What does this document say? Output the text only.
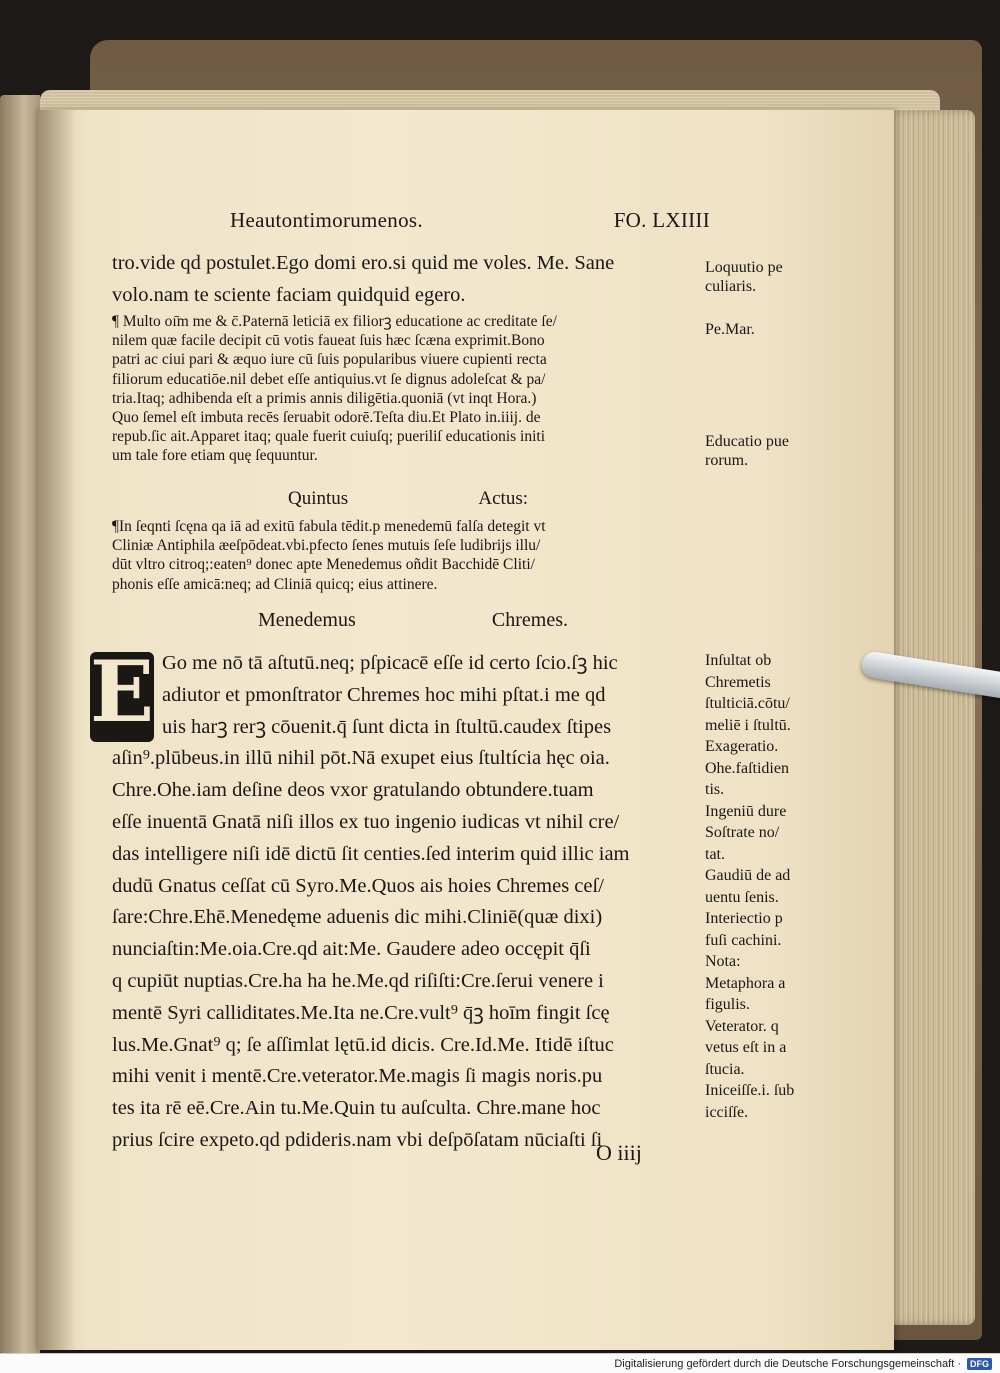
Heautontimorumenos.	FO. LXIIII
tro.vide qd postulet.Ego domi ero.si quid me voles. Me. Sane
volo.nam te sciente faciam quidquid egero.
¶ Multo oı̄m me & c̄.Paternā leticiā ex filiorꝫ educatione ac creditate ſe/
nilem quæ facile decipit cū votis faueat ſuis hæc ſcæna exprimit.Bono
patri ac ciui pari & æquo iure cū ſuis popularibus viuere cupienti recta
filiorum educatiōe.nil debet eſſe antiquius.vt ſe dignus adoleſcat & pa/
tria.Itaq; adhibenda eſt a primis annis diligētia.quoniā (vt inqt Hora.)
Quo ſemel eſt imbuta recēs ſeruabit odorē.Teſta diu.Et Plato in.iiij. de
repub.ſic ait.Apparet itaq; quale fuerit cuiuſq; pueriliſ educationis initi
um tale fore etiam quę ſequuntur.
Quintus	Actus:
¶In ſeqnti ſcęna qa iā ad exitū fabula tēdit.p menedemū falſa detegit vt
Cliniæ Antiphila æeſpōdeat.vbi.pfecto ſenes mutuis ſeſe ludibrijs illu/
dūt vltro citroq;:eaten⁹ donec apte Menedemus oñdit Bacchidē Cliti/
phonis eſſe amicā:neq; ad Cliniā quicq; eius attinere.
Menedemus	Chremes.
E Go me nō tā aſtutū.neq; pſpicacē eſſe id certo ſcio.ſꝫ hic
adiutor et pmonſtrator Chremes hoc mihi pſtat.i me qd
uis harꝫ rerꝫ cōuenit.q̄ ſunt dicta in ſtultū.caudex ſtipes
aſin⁹.plūbeus.in illū nihil pōt.Nā exupet eius ſtultícia hęc oia.
Chre.Ohe.iam deſine deos vxor gratulando obtundere.tuam
eſſe inuentā Gnatā niſi illos ex tuo ingenio iudicas vt nihil cre/
das intelligere niſi idē dictū ſit centies.ſed interim quid illic iam
dudū Gnatus ceſſat cū Syro.Me.Quos ais hoies Chremes ceſ/
ſare:Chre.Ehē.Menedęme aduenis dic mihi.Cliniē(quæ dixi)
nunciaſtin:Me.oia.Cre.qd ait:Me. Gaudere adeo occępit q̄ſi
q cupiūt nuptias.Cre.ha ha he.Me.qd riſiſti:Cre.ſerui venere i
mentē Syri calliditates.Me.Ita ne.Cre.vult⁹ q̄ꝫ hoīm fingit ſcę
lus.Me.Gnat⁹ q; ſe aſſimlat lętū.id dicis. Cre.Id.Me. Itidē iſtuc
mihi venit i mentē.Cre.veterator.Me.magis ſi magis noris.pu
tes ita rē eē.Cre.Ain tu.Me.Quin tu auſculta. Chre.mane hoc
prius ſcire expeto.qd pdideris.nam vbi deſpōſatam nūciaſti ſi
Loquutio pe
culiaris.
Pe.Mar.
Educatio pue
rorum.
Inſultat ob
Chremetis
ſtulticiā.cōtu/
meliē i ſtultū.
Exageratio.
Ohe.faſtidien
tis.
Ingeniū dure
Soſtrate no/
tat.
Gaudiū de ad
uentu ſenis.
Interiectio p
fuſi cachini.
Nota:
Metaphora a
figulis.
Veterator. q
vetus eſt in a
ſtucia.
Iniceiſſe.i. ſub
icciſſe.
O iiij
Digitalisierung gefördert durch die Deutsche Forschungsgemeinschaft ·	DFG
